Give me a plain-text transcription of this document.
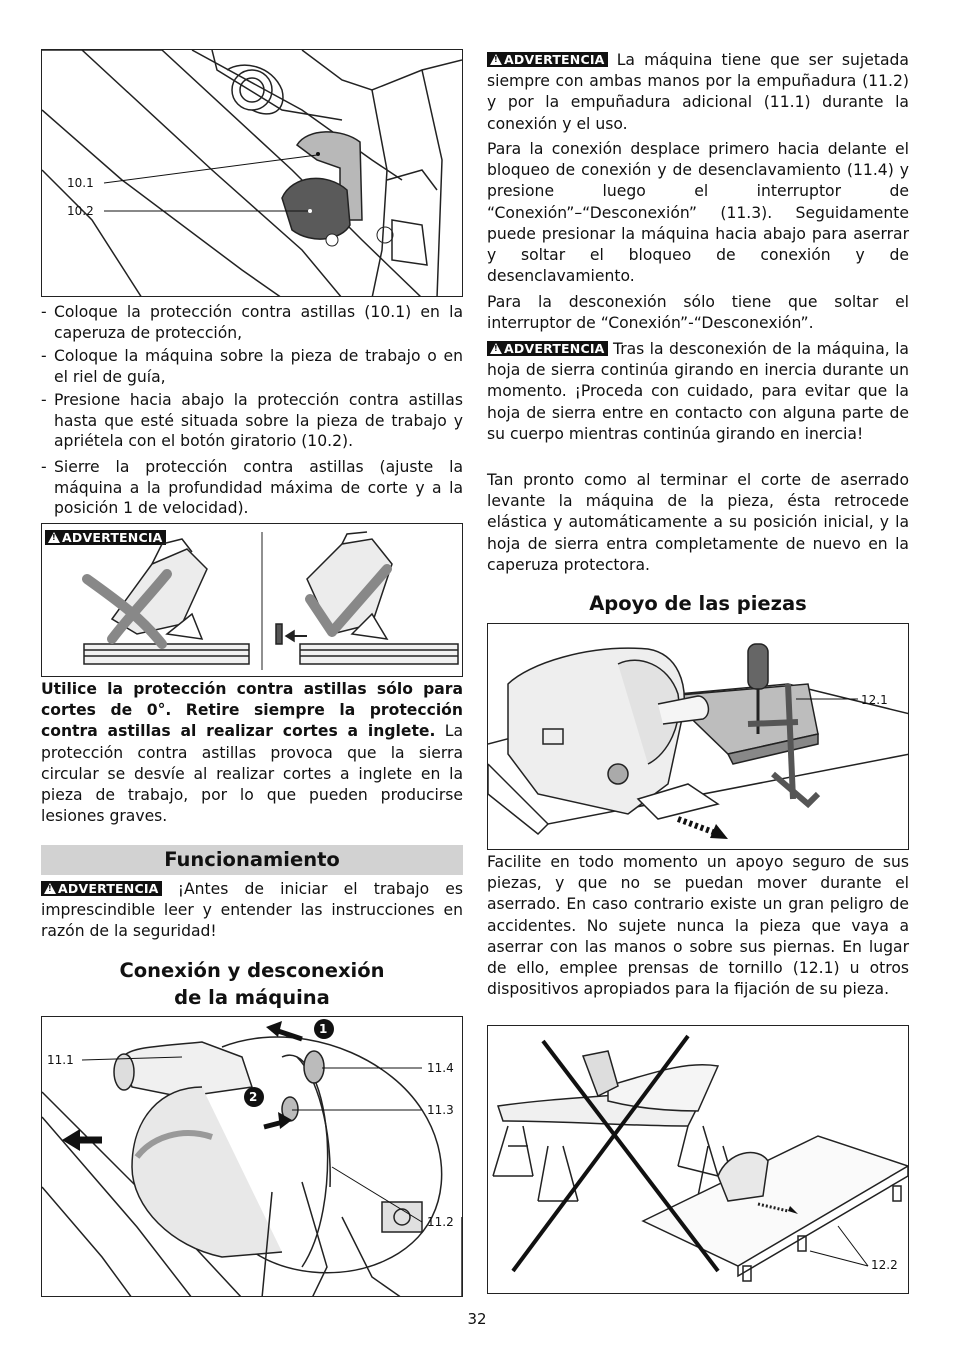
10.1
10.2
- Coloque la protección contra astillas (10.1) en la caperuza de protección,
- Coloque la máquina sobre la pieza de trabajo o en el riel de guía,
- Presione hacia abajo la protección contra astillas hasta que esté situada sobre la pieza de trabajo y apriétela con el botón giratorio (10.2).
- Sierre la protección contra astillas (ajuste la máquina a la profundidad máxima de corte y a la posición 1 de velocidad).
!ADVERTENCIA
Utilice la protección contra astillas sólo para cortes de 0°. Retire siempre la protección contra astillas al realizar cortes a inglete. La protección contra astillas provoca que la sierra circular se desvíe al realizar cortes a inglete en la pieza de trabajo, por lo que pueden producirse lesiones graves.
Funcionamiento
!ADVERTENCIA ¡Antes de iniciar el trabajo es imprescindible leer y entender las instrucciones en razón de la seguridad!
Conexión y desconexión
de la máquina
11.1
11.4
11.3
11.2
1
2
!ADVERTENCIA La máquina tiene que ser sujetada siempre con ambas manos por la empuñadura (11.2) y por la empuñadura adicional (11.1) durante la conexión y el uso.
Para la conexión desplace primero hacia delante el bloqueo de conexión y de desenclavamiento (11.4) y presione luego el interruptor de “Conexión”–“Desconexión” (11.3). Seguidamente puede presionar la máquina hacia abajo para aserrar y soltar el bloqueo de conexión y de desenclavamiento.
Para la desconexión sólo tiene que soltar el interruptor de “Conexión”-“Desconexión”.
!ADVERTENCIA Tras la desconexión de la máquina, la hoja de sierra continúa girando en inercia durante un momento. ¡Proceda con cuidado, para evitar que la hoja de sierra entre en contacto con alguna parte de su cuerpo mientras continúa girando en inercia!
Tan pronto como al terminar el corte de aserrado levante la máquina de la pieza, ésta retrocede elástica y automáticamente a su posición inicial, y la hoja de sierra entra completamente de nuevo en la caperuza protectora.
Apoyo de las piezas
12.1
Facilite en todo momento un apoyo seguro de sus piezas, y que no se puedan mover durante el aserrado. En caso contrario existe un gran peligro de accidentes. No sujete nunca la pieza que vaya a aserrar con las manos o sobre sus piernas. En lugar de ello, emplee prensas de tornillo (12.1) u otros dispositivos apropiados para la fijación de su pieza.
12.2
32
